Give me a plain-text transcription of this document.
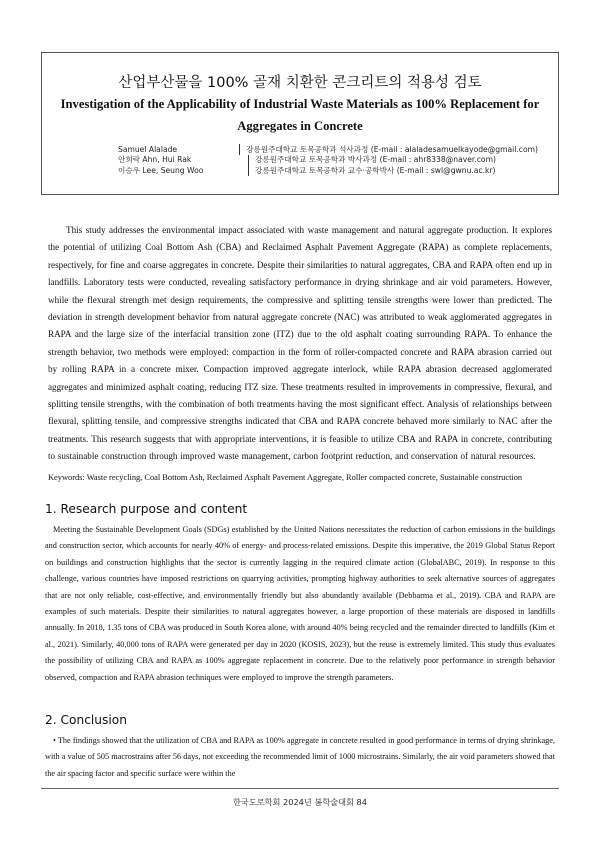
산업부산물을 100% 골재 치환한 콘크리트의 적용성 검토
Investigation of the Applicability of Industrial Waste Materials as 100% Replacement for Aggregates in Concrete
Samuel Alalade	강릉원주대학교 토목공학과 석사과정 (E-mail : alaladesamuelkayode@gmail.com)
안희락 Ahn, Hui Rak	강릉원주대학교 토목공학과 박사과정 (E-mail : ahr8338@naver.com)
이승우 Lee, Seung Woo	강릉원주대학교 토목공학과 교수·공학박사 (E-mail : swl@gwnu.ac.kr)
This study addresses the environmental impact associated with waste management and natural aggregate production. It explores the potential of utilizing Coal Bottom Ash (CBA) and Reclaimed Asphalt Pavement Aggregate (RAPA) as complete replacements, respectively, for fine and coarse aggregates in concrete. Despite their similarities to natural aggregates, CBA and RAPA often end up in landfills. Laboratory tests were conducted, revealing satisfactory performance in drying shrinkage and air void parameters. However, while the flexural strength met design requirements, the compressive and splitting tensile strengths were lower than predicted. The deviation in strength development behavior from natural aggregate concrete (NAC) was attributed to weak agglomerated aggregates in RAPA and the large size of the interfacial transition zone (ITZ) due to the old asphalt coating surrounding RAPA. To enhance the strength behavior, two methods were employed: compaction in the form of roller-compacted concrete and RAPA abrasion carried out by rolling RAPA in a concrete mixer. Compaction improved aggregate interlock, while RAPA abrasion decreased agglomerated aggregates and minimized asphalt coating, reducing ITZ size. These treatments resulted in improvements in compressive, flexural, and splitting tensile strengths, with the combination of both treatments having the most significant effect. Analysis of relationships between flexural, splitting tensile, and compressive strengths indicated that CBA and RAPA concrete behaved more similarly to NAC after the treatments. This research suggests that with appropriate interventions, it is feasible to utilize CBA and RAPA in concrete, contributing to sustainable construction through improved waste management, carbon footprint reduction, and conservation of natural resources.
Keywords: Waste recycling, Coal Bottom Ash, Reclaimed Asphalt Pavement Aggregate, Roller compacted concrete, Sustainable construction
1. Research purpose and content
Meeting the Sustainable Development Goals (SDGs) established by the United Nations necessitates the reduction of carbon emissions in the buildings and construction sector, which accounts for nearly 40% of energy- and process-related emissions. Despite this imperative, the 2019 Global Status Report on buildings and construction highlights that the sector is currently lagging in the required climate action (GlobalABC, 2019). In response to this challenge, various countries have imposed restrictions on quarrying activities, prompting highway authorities to seek alternative sources of aggregates that are not only reliable, cost-effective, and environmentally friendly but also abundantly available (Debbarma et al., 2019). CBA and RAPA are examples of such materials. Despite their similarities to natural aggregates however, a large proportion of these materials are disposed in landfills annually. In 2018, 1.35 tons of CBA was produced in South Korea alone, with around 40% being recycled and the remainder directed to landfills (Kim et al., 2021). Similarly, 40,000 tons of RAPA were generated per day in 2020 (KOSIS, 2023), but the reuse is extremely limited. This study thus evaluates the possibility of utilizing CBA and RAPA as 100% aggregate replacement in concrete. Due to the relatively poor performance in strength behavior observed, compaction and RAPA abrasion techniques were employed to improve the strength parameters.
2. Conclusion
• The findings showed that the utilization of CBA and RAPA as 100% aggregate in concrete resulted in good performance in terms of drying shrinkage, with a value of 505 macrostrains after 56 days, not exceeding the recommended limit of 1000 microstrains. Similarly, the air void parameters showed that the air spacing factor and specific surface were within the
한국도로학회 2024년 봄학술대회 84
